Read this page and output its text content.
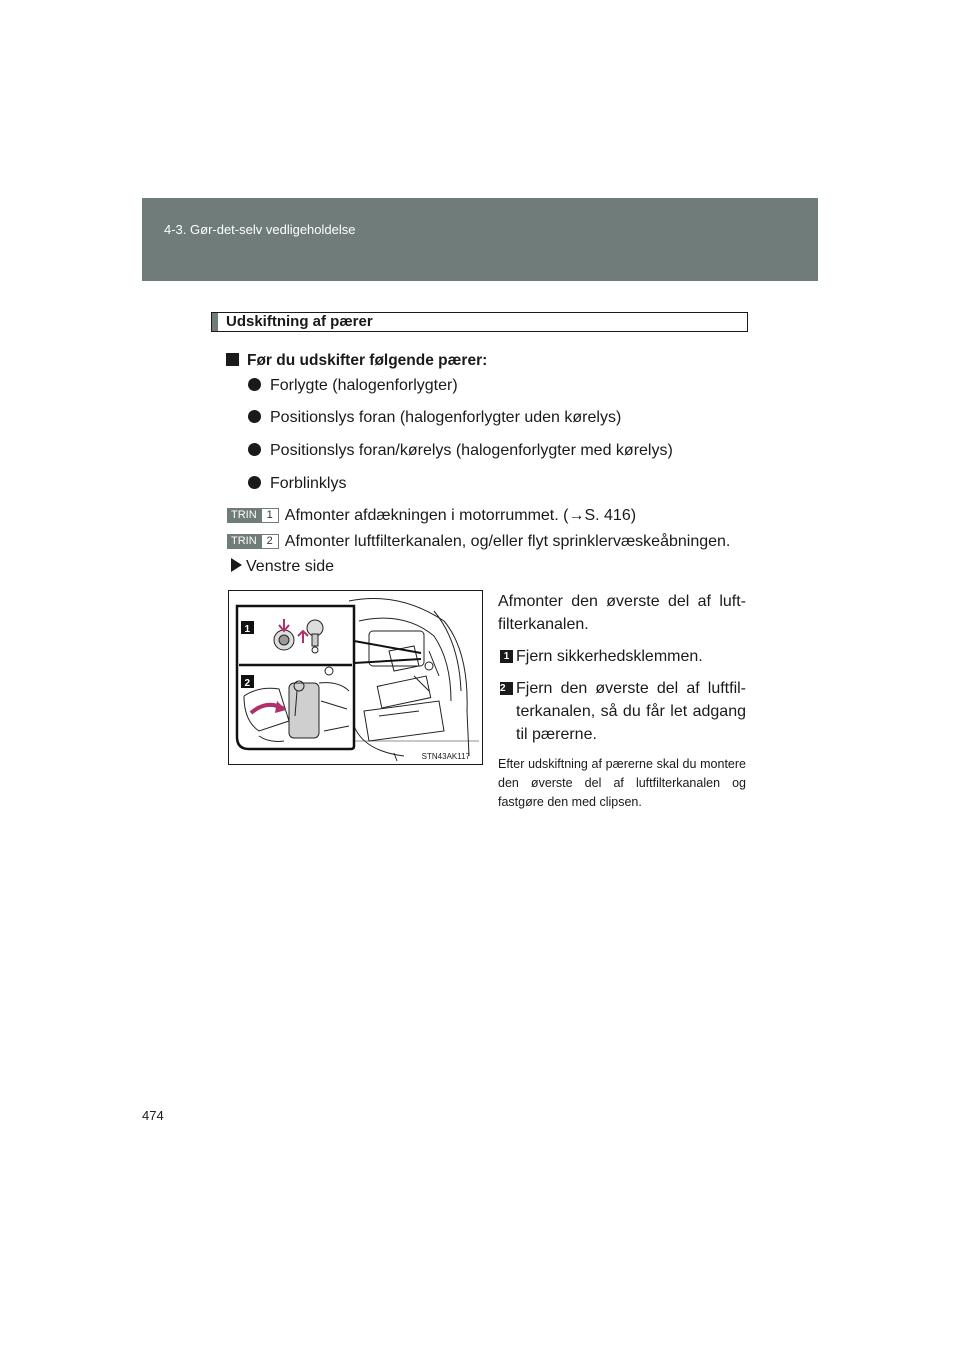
4-3. Gør-det-selv vedligeholdelse
Udskiftning af pærer
Før du udskifter følgende pærer:
Forlygte (halogenforlygter)
Positionslys foran (halogenforlygter uden kørelys)
Positionslys foran/kørelys (halogenforlygter med kørelys)
Forblinklys
TRIN 1 Afmonter afdækningen i motorrummet. (→S. 416)
TRIN 2 Afmonter luftfilterkanalen, og/eller flyt sprinklervæskeåbningen.
Venstre side
1
2
STN43AK117
Afmonter den øverste del af luft-filterkanalen.
1 Fjern sikkerhedsklemmen.
2 Fjern den øverste del af luftfil-terkanalen, så du får let adgang til pærerne.
Efter udskiftning af pærerne skal du montere den øverste del af luftfilterkanalen og fastgøre den med clipsen.
474
